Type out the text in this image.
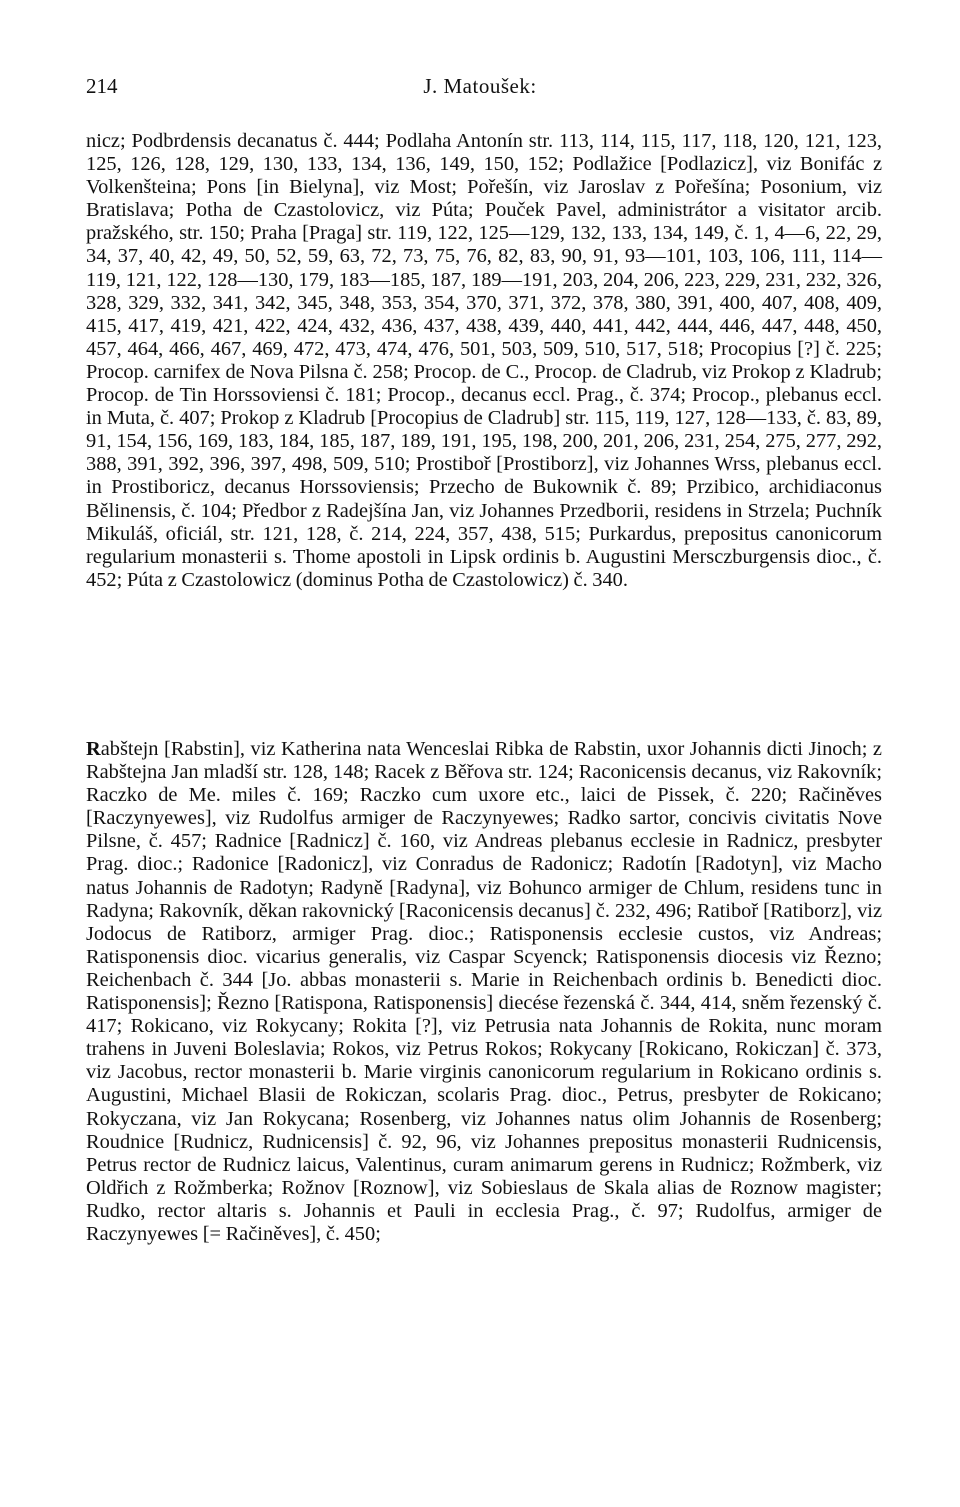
214	J. Matoušek:

nicz; Podbrdensis decanatus č. 444; Podlaha Antonín str. 113, 114, 115, 117, 118, 120, 121, 123, 125, 126, 128, 129, 130, 133, 134, 136, 149, 150, 152; Podlažice [Podlazicz], viz Bonifác z Volkenšteina; Pons [in Bielyna], viz Most; Pořešín, viz Jaroslav z Pořešína; Posonium, viz Bratislava; Potha de Czastolovicz, viz Púta; Pouček Pavel, administrátor a visitator arcib. pražského, str. 150; Praha [Praga] str. 119, 122, 125—129, 132, 133, 134, 149, č. 1, 4—6, 22, 29, 34, 37, 40, 42, 49, 50, 52, 59, 63, 72, 73, 75, 76, 82, 83, 90, 91, 93—101, 103, 106, 111, 114—119, 121, 122, 128—130, 179, 183—185, 187, 189—191, 203, 204, 206, 223, 229, 231, 232, 326, 328, 329, 332, 341, 342, 345, 348, 353, 354, 370, 371, 372, 378, 380, 391, 400, 407, 408, 409, 415, 417, 419, 421, 422, 424, 432, 436, 437, 438, 439, 440, 441, 442, 444, 446, 447, 448, 450, 457, 464, 466, 467, 469, 472, 473, 474, 476, 501, 503, 509, 510, 517, 518; Procopius [?] č. 225; Procop. carnifex de Nova Pilsna č. 258; Procop. de C., Procop. de Cladrub, viz Prokop z Kladrub; Procop. de Tin Horssoviensi č. 181; Procop., decanus eccl. Prag., č. 374; Procop., plebanus eccl. in Muta, č. 407; Prokop z Kladrub [Procopius de Cladrub] str. 115, 119, 127, 128—133, č. 83, 89, 91, 154, 156, 169, 183, 184, 185, 187, 189, 191, 195, 198, 200, 201, 206, 231, 254, 275, 277, 292, 388, 391, 392, 396, 397, 498, 509, 510; Prostiboř [Prostiborz], viz Johannes Wrss, plebanus eccl. in Prostiboricz, decanus Horssoviensis; Przecho de Bukownik č. 89; Przibico, archidiaconus Bělinensis, č. 104; Předbor z Radejšína Jan, viz Johannes Przedborii, residens in Strzela; Puchník Mikuláš, oficiál, str. 121, 128, č. 214, 224, 357, 438, 515; Purkardus, prepositus canonicorum regularium monasterii s. Thome apostoli in Lipsk ordinis b. Augustini Mersczburgensis dioc., č. 452; Púta z Czastolowicz (dominus Potha de Czastolowicz) č. 340.

Rabštejn [Rabstin], viz Katherina nata Wenceslai Ribka de Rabstin, uxor Johannis dicti Jinoch; z Rabštejna Jan mladší str. 128, 148; Racek z Běřova str. 124; Raconicensis decanus, viz Rakovník; Raczko de Me. miles č. 169; Raczko cum uxore etc., laici de Pissek, č. 220; Račiněves [Raczynyewes], viz Rudolfus armiger de Raczynyewes; Radko sartor, concivis civitatis Nove Pilsne, č. 457; Radnice [Radnicz] č. 160, viz Andreas plebanus ecclesie in Radnicz, presbyter Prag. dioc.; Radonice [Radonicz], viz Conradus de Radonicz; Radotín [Radotyn], viz Macho natus Johannis de Radotyn; Radyně [Radyna], viz Bohunco armiger de Chlum, residens tunc in Radyna; Rakovník, děkan rakovnický [Raconicensis decanus] č. 232, 496; Ratiboř [Ratiborz], viz Jodocus de Ratiborz, armiger Prag. dioc.; Ratisponensis ecclesie custos, viz Andreas; Ratisponensis dioc. vicarius generalis, viz Caspar Scyenck; Ratisponensis diocesis viz Řezno; Reichenbach č. 344 [Jo. abbas monasterii s. Marie in Reichenbach ordinis b. Benedicti dioc. Ratisponensis]; Řezno [Ratispona, Ratisponensis] diecése řezenská č. 344, 414, sněm řezenský č. 417; Rokicano, viz Rokycany; Rokita [?], viz Petrusia nata Johannis de Rokita, nunc moram trahens in Juveni Boleslavia; Rokos, viz Petrus Rokos; Rokycany [Rokicano, Rokiczan] č. 373, viz Jacobus, rector monasterii b. Marie virginis canonicorum regularium in Rokicano ordinis s. Augustini, Michael Blasii de Rokiczan, scolaris Prag. dioc., Petrus, presbyter de Rokicano; Rokyczana, viz Jan Rokycana; Rosenberg, viz Johannes natus olim Johannis de Rosenberg; Roudnice [Rudnicz, Rudnicensis] č. 92, 96, viz Johannes prepositus monasterii Rudnicensis, Petrus rector de Rudnicz laicus, Valentinus, curam animarum gerens in Rudnicz; Rožmberk, viz Oldřich z Rožmberka; Rožnov [Roznow], viz Sobieslaus de Skala alias de Roznow magister; Rudko, rector altaris s. Johannis et Pauli in ecclesia Prag., č. 97; Rudolfus, armiger de Raczynyewes [= Račiněves], č. 450;
